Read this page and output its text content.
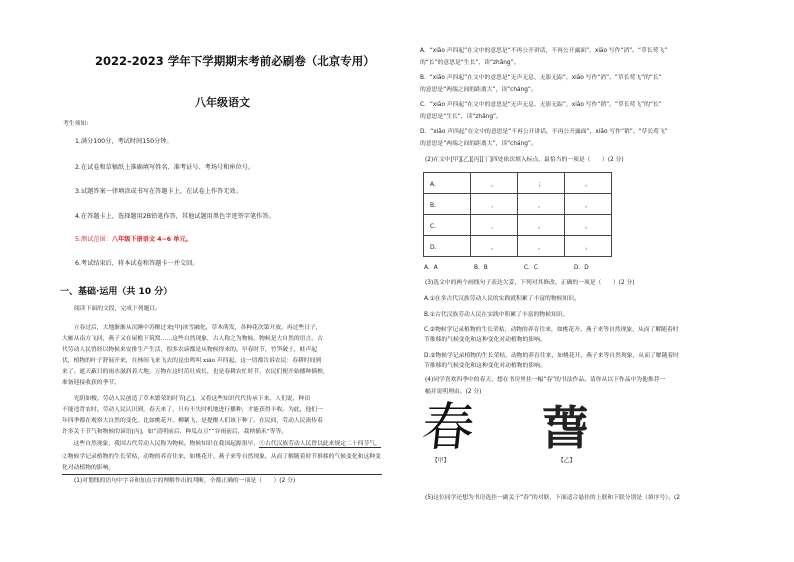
2022-2023 学年下学期期末考前必刷卷（北京专用）
八年级语文
考生须知：
1.满分100分，考试时间150分钟。
2.在试卷和草稿纸上准确填写姓名、准考证号、考场号和座位号。
3.试题答案一律填涂或书写在答题卡上，在试卷上作答无效。
4.在答题卡上，选择题用2B铅笔作答，其他试题用黑色字迹签字笔作答。
5.测试范围：八年级下册语文 4~6 单元。
6.考试结束后，将本试卷和答题卡一并交回。
一、基础·运用（共 10 分）
阅读下面的文段，完成下列题目。
　　立春过后，大地渐渐从沉睡中苏醒过来[甲]冰雪融化，草木萌发，各种花次第开放。再过些日子，
大雁从南方飞回，燕子又在屋檐下筑窝……这些自然现象，古人称之为物候。物候是大自然的语言。古
代劳动人民曾经以物候来安排生产生活，很多农谚都是从物候得来的。早春时节，竹笋破土，蛙声起
伏，植物的叶子舒展开来，在林间飞来飞去的昆虫鸣叫 xiāo 声四起，这一切都告诉农民：春耕时间到
来了。遮天蔽日的雨水滋润着大地，万物在这时茁壮成长，也是春耕农忙时节，农民们便开始播种插秧，
准备迎接收获的季节。
　　光阴如梭。劳动人民创造了草木繁荣的时节[乙]，又将这些知识代代传承下来。人们说，种田
不能违背农时。劳动人民认识到，春天来了，只有不失时机地进行播种，才能获得丰收。为此，他们一
年四季都在观察大自然的变化。比如桃花开、柳絮飞，是提醒人们该下种了。在民间，劳动人民流传着
许多关于节气和物候的谚语[丙]，如“清明前后，种瓜点豆”“谷雨前后，栽秧插禾”等等。
　　这些自然现象，我国古代劳动人民称为物候。物候知识在我国起源很早，①古代汉族劳动人民曾以此来规定二十四节气，
②物候学记录植物的生长荣枯，动物的养育往来，如桃花开、燕子来等自然现象，从而了解随着时节推移的气候变化和这种变化对动植物的影响。
(1)对划线的语句中字音和加点字的理解作出的判断，全都正确的一项是（　　）(2 分)
A．“xiāo 声四起”在文中的意思是“不再公开讲话，不再公开露面”，xiāo 写作“消”。“草长莺飞”
的“长”的意思是“生长”，读“zhǎng”。
B．“xiāo 声四起”在文中的意思是“无声无息、无影无踪”，xiāo 写作“消”。“草长莺飞”的“长”
的意思是“两端之间的距离大”，读“cháng”。
C．“xiāo 声四起”在文中的意思是“无声无息、无影无踪”，xiāo 写作“销”。“草长莺飞”的“长”
的意思是“生长”，读“zhǎng”。
D．“xiāo 声四起”在文中的意思是“不再公开讲话，不再公开露面”，xiāo 写作“销”。“草长莺飞”
的意思是“两端之间的距离大”，读“cháng”。
(2)在文中[甲][乙][丙][丁]四处依次填入标点，最恰当的一项是（　　）(2 分)
A．	，	；	。
B．	、	，	。
C．	、	。	。
D．	，	，	。
A．A	B．B	C．C	D．D
(3)选文中的两个画线句子表达欠妥，下列对其修改，正确的一项是（　　）(2 分)
A.①在多古代汉族劳动人民的实践就积累了丰富的物候知识。
B.①古代汉族劳动人民在实践中积累了丰富的物候知识。
C.②物候学记录植物的生长荣枯，动物的养育往来，如桃花开、燕子来等自然现象，从而了解随着时
节推移的气候变化和这种变化对动植物的影响。
D.②物候学记录植物的生长荣枯，动物的养育往来，如桃花开、燕子来等自然现象，从而了解随着时
节推移的气候变化和这种变化对动植物的影响。
(4)同学喜欢四季中的春天，想在书房里挂一幅“春”的书法作品。请你从以下作品中为他推荐一
幅并说明理由。(2 分)
春 萅
【甲】	【乙】
(5)这位同学还想为书房选挂一副关于“春”的对联，下面适合悬挂的上联和下联分别是（填序号）。(2
